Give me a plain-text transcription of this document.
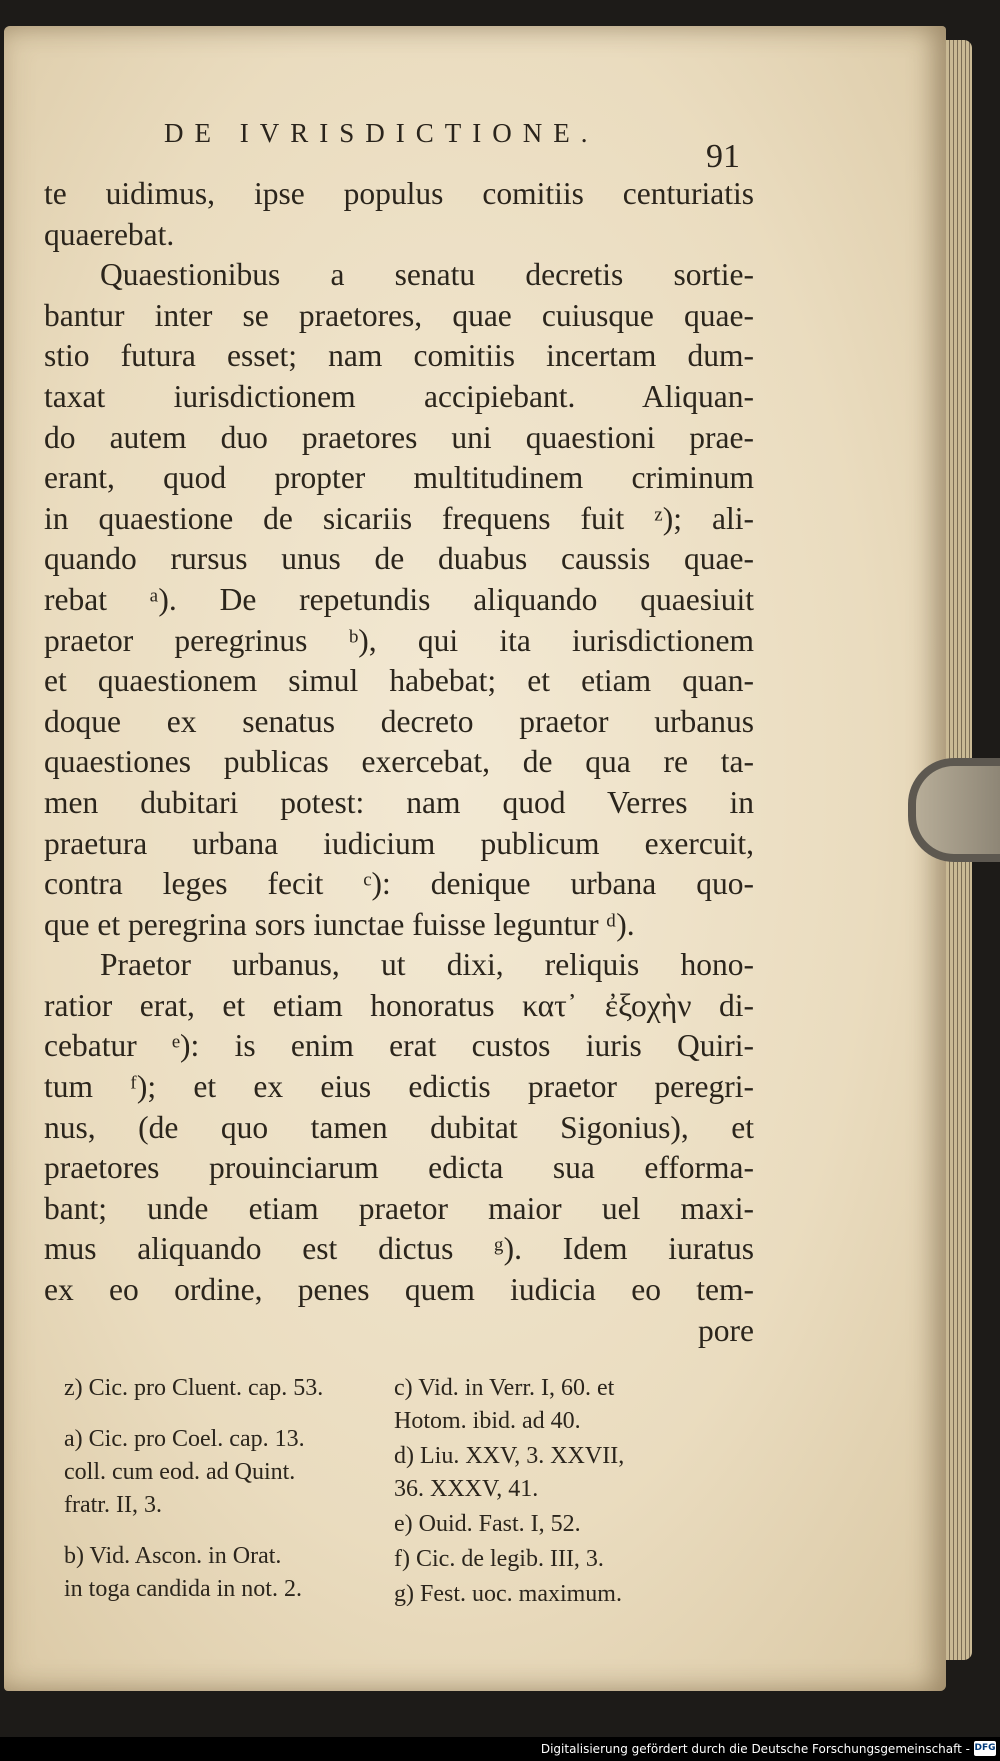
DE IVRISDICTIONE.
91
te uidimus, ipse populus comitiis centuriatis
quaerebat.
Quaestionibus a senatu decretis sortie-
bantur inter se praetores, quae cuiusque quae-
stio futura esset; nam comitiis incertam dum-
taxat iurisdictionem accipiebant. Aliquan-
do autem duo praetores uni quaestioni prae-
erant, quod propter multitudinem criminum
in quaestione de sicariis frequens fuit ᶻ); ali-
quando rursus unus de duabus caussis quae-
rebat ᵃ). De repetundis aliquando quaesiuit
praetor peregrinus ᵇ), qui ita iurisdictionem
et quaestionem simul habebat; et etiam quan-
doque ex senatus decreto praetor urbanus
quaestiones publicas exercebat, de qua re ta-
men dubitari potest: nam quod Verres in
praetura urbana iudicium publicum exercuit,
contra leges fecit ᶜ): denique urbana quo-
que et peregrina sors iunctae fuisse leguntur ᵈ).
Praetor urbanus, ut dixi, reliquis hono-
ratior erat, et etiam honoratus κατ᾽ ἐξοχὴν di-
cebatur ᵉ): is enim erat custos iuris Quiri-
tum ᶠ); et ex eius edictis praetor peregri-
nus, (de quo tamen dubitat Sigonius), et
praetores prouinciarum edicta sua efforma-
bant; unde etiam praetor maior uel maxi-
mus aliquando est dictus ᵍ). Idem iuratus
ex eo ordine, penes quem iudicia eo tem-
pore
z) Cic. pro Cluent. cap. 53.
a) Cic. pro Coel. cap. 13.
coll. cum eod. ad Quint.
fratr. II, 3.
b) Vid. Ascon. in Orat.
in toga candida in not. 2.
c) Vid. in Verr. I, 60. et
Hotom. ibid. ad 40.
d) Liu. XXV, 3. XXVII,
36. XXXV, 41.
e) Ouid. Fast. I, 52.
f) Cic. de legib. III, 3.
g) Fest. uoc. maximum.
Digitalisierung gefördert durch die Deutsche Forschungsgemeinschaft - DFG
